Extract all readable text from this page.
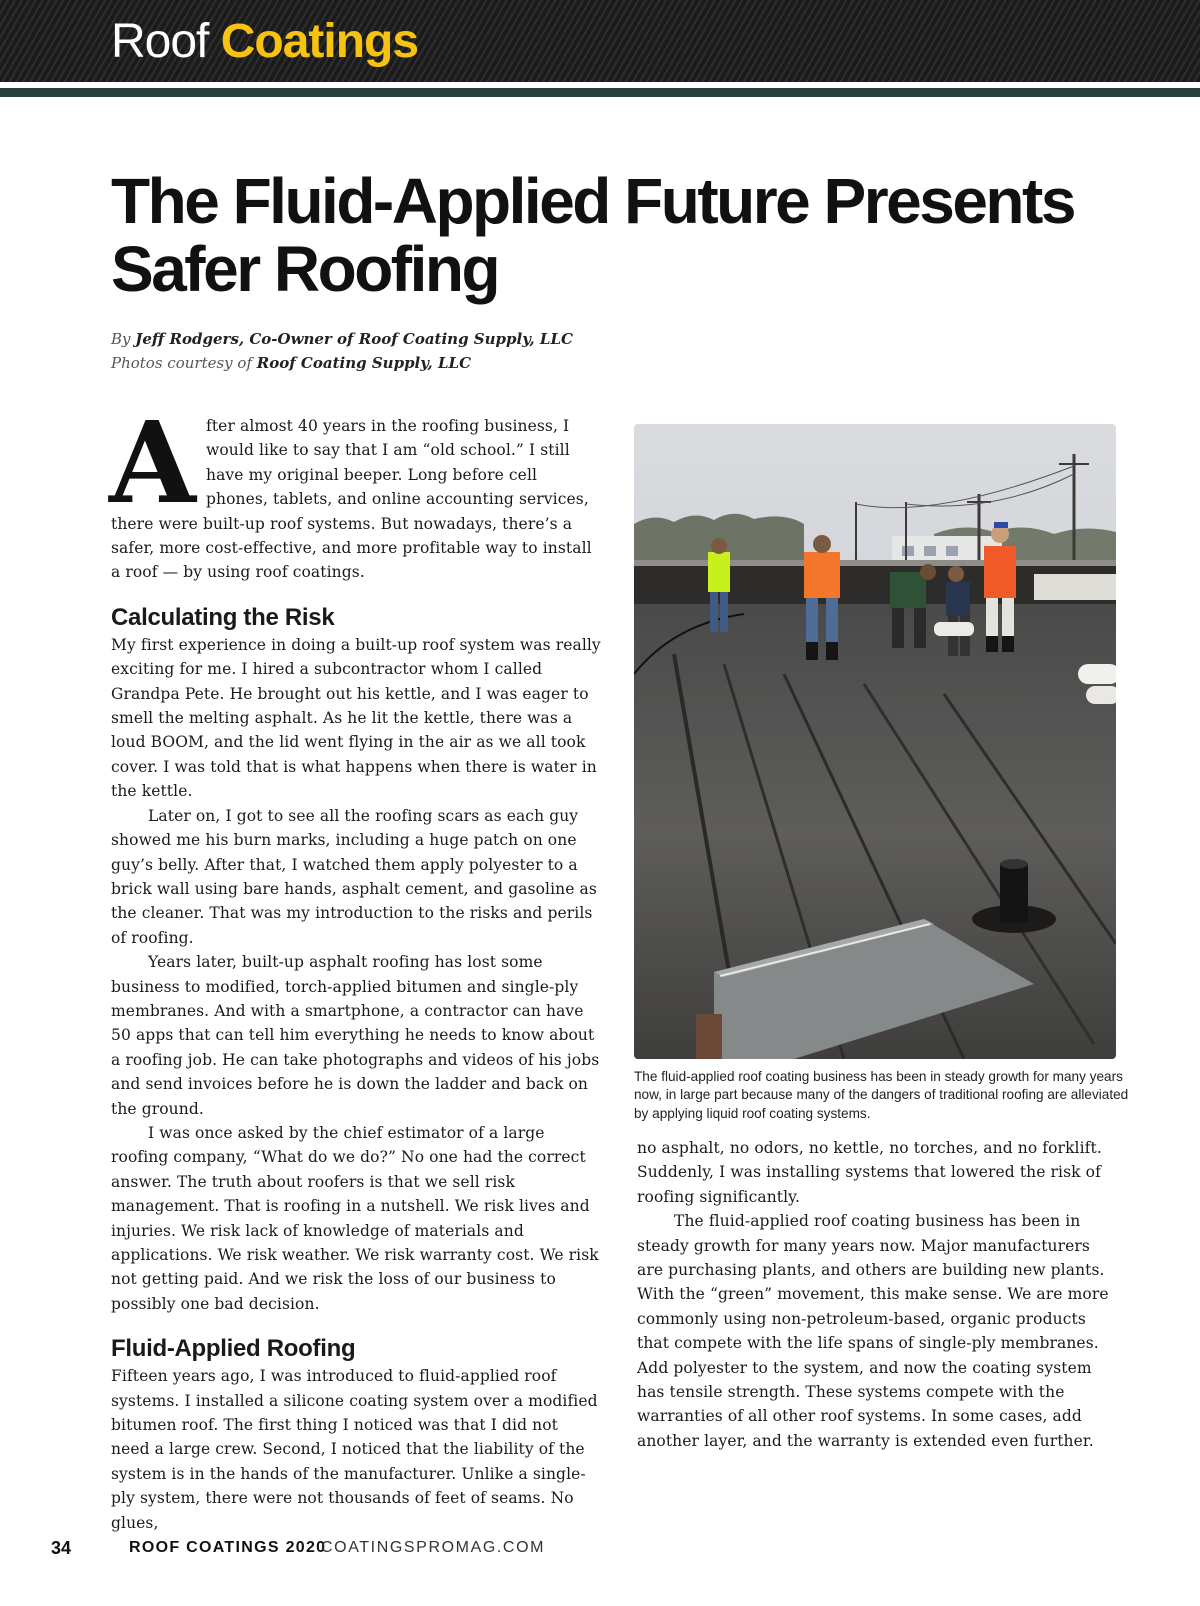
Roof Coatings
The Fluid-Applied Future Presents Safer Roofing
By Jeff Rodgers, Co-Owner of Roof Coating Supply, LLC
Photos courtesy of Roof Coating Supply, LLC

After almost 40 years in the roofing business, I would like to say that I am “old school.” I still have my original beeper. Long before cell phones, tablets, and online accounting services, there were built-up roof systems. But nowadays, there’s a safer, more cost-effective, and more profitable way to install a roof — by using roof coatings.

Calculating the Risk

My first experience in doing a built-up roof system was really exciting for me. I hired a subcontractor whom I called Grandpa Pete. He brought out his kettle, and I was eager to smell the melting asphalt. As he lit the kettle, there was a loud BOOM, and the lid went flying in the air as we all took cover. I was told that is what happens when there is water in the kettle.

Later on, I got to see all the roofing scars as each guy showed me his burn marks, including a huge patch on one guy’s belly. After that, I watched them apply polyester to a brick wall using bare hands, asphalt cement, and gasoline as the cleaner. That was my introduction to the risks and perils of roofing.

Years later, built-up asphalt roofing has lost some business to modified, torch-applied bitumen and single-ply membranes. And with a smartphone, a contractor can have 50 apps that can tell him everything he needs to know about a roofing job. He can take photographs and videos of his jobs and send invoices before he is down the ladder and back on the ground.

I was once asked by the chief estimator of a large roofing company, “What do we do?” No one had the correct answer. The truth about roofers is that we sell risk management. That is roofing in a nutshell. We risk lives and injuries. We risk lack of knowledge of materials and applications. We risk weather. We risk warranty cost. We risk not getting paid. And we risk the loss of our business to possibly one bad decision.

Fluid-Applied Roofing

Fifteen years ago, I was introduced to fluid-applied roof systems. I installed a silicone coating system over a modified bitumen roof. The first thing I noticed was that I did not need a large crew. Second, I noticed that the liability of the system is in the hands of the manufacturer. Unlike a single-ply system, there were not thousands of feet of seams. No glues,

The fluid-applied roof coating business has been in steady growth for many years now, in large part because many of the dangers of traditional roofing are alleviated by applying liquid roof coating systems.

no asphalt, no odors, no kettle, no torches, and no forklift. Suddenly, I was installing systems that lowered the risk of roofing significantly.

The fluid-applied roof coating business has been in steady growth for many years now. Major manufacturers are purchasing plants, and others are building new plants. With the “green” movement, this make sense. We are more commonly using non-petroleum-based, organic products that compete with the life spans of single-ply membranes. Add polyester to the system, and now the coating system has tensile strength. These systems compete with the warranties of all other roof systems. In some cases, add another layer, and the warranty is extended even further.

34	ROOF COATINGS 2020
COATINGSPROMAG.COM
